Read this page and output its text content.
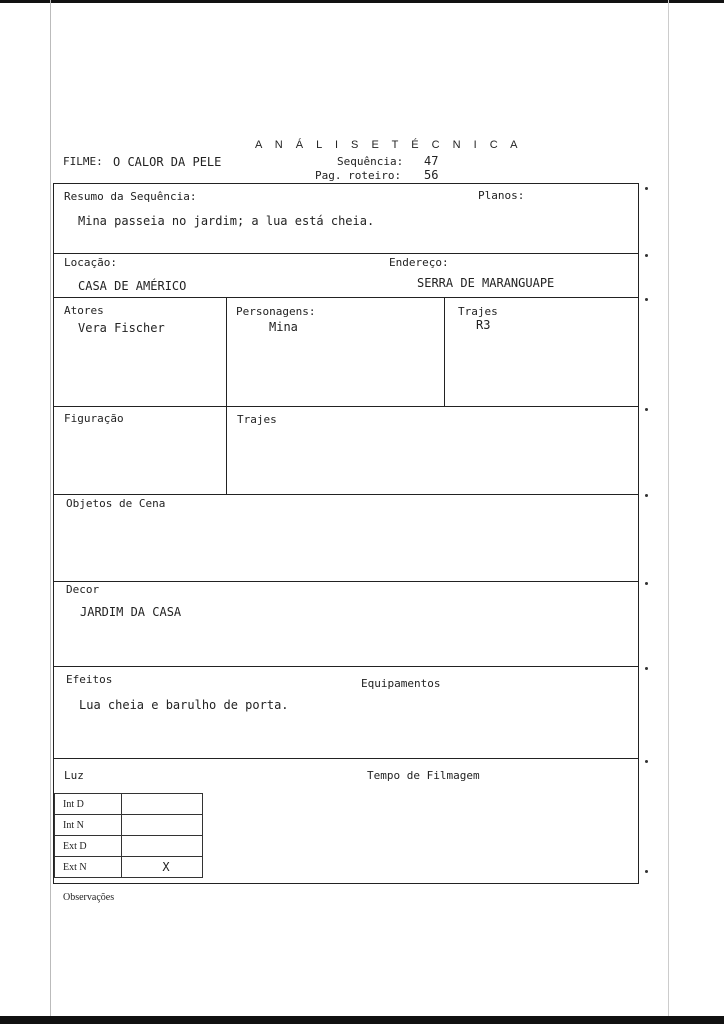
A N Á L I S E T É C N I C A
FILME: O CALOR DA PELE	Sequência: 47
Pag. roteiro: 56
Resumo da Sequência:	Planos:
Mina passeia no jardim; a lua está cheia.
Locação:
CASA DE AMÉRICO
Endereço:
SERRA DE MARANGUAPE
Atores
Vera Fischer
Personagens:
Mina
Trajes
R3
Figuração	Trajes
Objetos de Cena
Decor
JARDIM DA CASA
Efeitos	Equipamentos
Lua cheia e barulho de porta.
Luz	Tempo de Filmagem
Int D	
Int N	
Ext D	
Ext N	X
Observações
